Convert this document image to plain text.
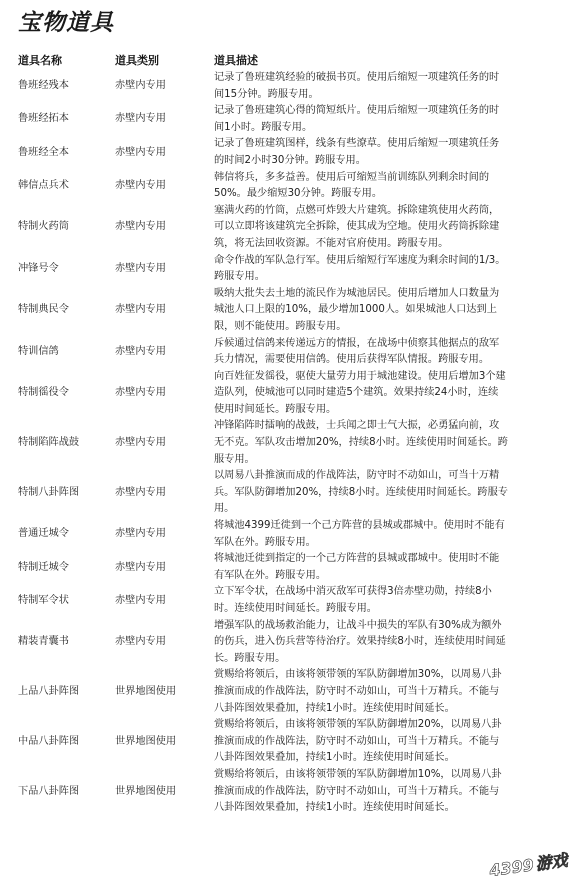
宝物道具
道具名称	道具类别	道具描述
鲁班经残本	赤壁内专用	记录了鲁班建筑经验的破损书页。使用后缩短一项建筑任务的时
间15分钟。跨服专用。

鲁班经拓本	赤壁内专用	记录了鲁班建筑心得的简短纸片。使用后缩短一项建筑任务的时
间1小时。跨服专用。

鲁班经全本	赤壁内专用	记录了鲁班建筑图样，线条有些潦草。使用后缩短一项建筑任务
的时间2小时30分钟。跨服专用。

韩信点兵术	赤壁内专用	韩信将兵，多多益善。使用后可缩短当前训练队列剩余时间的
50%。最少缩短30分钟。跨服专用。

特制火药筒	赤壁内专用	塞满火药的竹筒，点燃可炸毁大片建筑。拆除建筑使用火药筒，
可以立即将该建筑完全拆除，使其成为空地。使用火药筒拆除建
筑，将无法回收资源。不能对官府使用。跨服专用。

冲锋号令	赤壁内专用	命令作战的军队急行军。使用后缩短行军速度为剩余时间的1/3。
跨服专用。

特制典民令	赤壁内专用	吸纳大批失去土地的流民作为城池居民。使用后增加人口数量为
城池人口上限的10%，最少增加1000人。如果城池人口达到上
限，则不能使用。跨服专用。

特训信鸽	赤壁内专用	斥候通过信鸽来传递远方的情报，在战场中侦察其他据点的敌军
兵力情况，需要使用信鸽。使用后获得军队情报。跨服专用。

特制徭役令	赤壁内专用	向百姓征发徭役，驱使大量劳力用于城池建设。使用后增加3个建
造队列，使城池可以同时建造5个建筑。效果持续24小时，连续
使用时间延长。跨服专用。

特制陷阵战鼓	赤壁内专用	冲锋陷阵时擂响的战鼓，士兵闻之即士气大振，必勇猛向前，攻
无不克。军队攻击增加20%，持续8小时。连续使用时间延长。跨
服专用。

特制八卦阵图	赤壁内专用	以周易八卦推演而成的作战阵法，防守时不动如山，可当十万精
兵。军队防御增加20%，持续8小时。连续使用时间延长。跨服专
用。

普通迁城令	赤壁内专用	将城池4399迁徙到一个己方阵营的县城或郡城中。使用时不能有
军队在外。跨服专用。

特制迁城令	赤壁内专用	将城池迁徙到指定的一个己方阵营的县城或郡城中。使用时不能
有军队在外。跨服专用。

特制军令状	赤壁内专用	立下军令状，在战场中消灭敌军可获得3倍赤壁功勋，持续8小
时。连续使用时间延长。跨服专用。

精装青囊书	赤壁内专用	增强军队的战场救治能力，让战斗中损失的军队有30%成为额外
的伤兵，进入伤兵营等待治疗。效果持续8小时，连续使用时间延
长。跨服专用。

上品八卦阵图	世界地图使用	赏赐给将领后，由该将领带领的军队防御增加30%，以周易八卦
推演而成的作战阵法，防守时不动如山，可当十万精兵。不能与
八卦阵图效果叠加，持续1小时。连续使用时间延长。

中品八卦阵图	世界地图使用	赏赐给将领后，由该将领带领的军队防御增加20%，以周易八卦
推演而成的作战阵法，防守时不动如山，可当十万精兵。不能与
八卦阵图效果叠加，持续1小时。连续使用时间延长。

下品八卦阵图	世界地图使用	赏赐给将领后，由该将领带领的军队防御增加10%，以周易八卦
推演而成的作战阵法，防守时不动如山，可当十万精兵。不能与
八卦阵图效果叠加，持续1小时。连续使用时间延长。
4399游戏
